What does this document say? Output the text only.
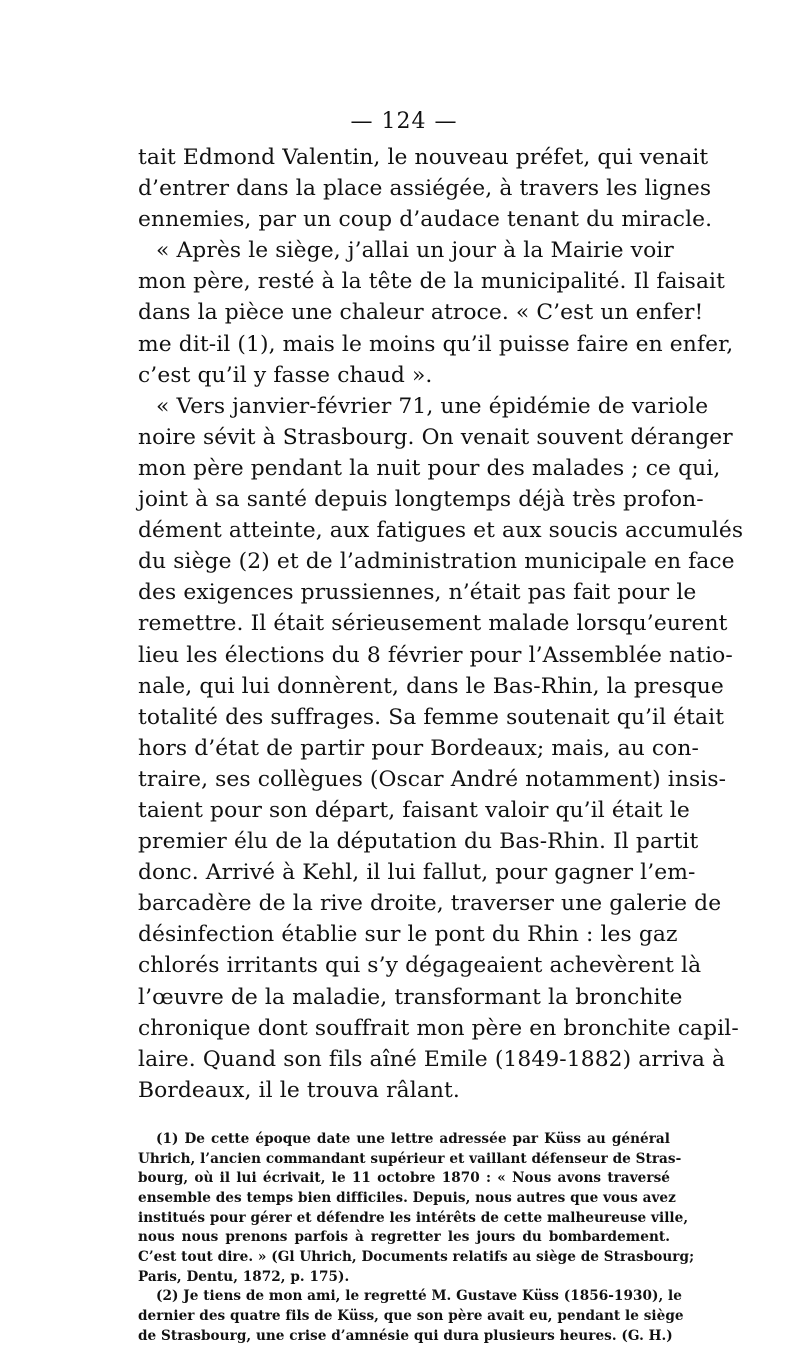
— 124 —
tait Edmond Valentin, le nouveau préfet, qui venait
d’entrer dans la place assiégée, à travers les lignes
ennemies, par un coup d’audace tenant du miracle.
« Après le siège, j’allai un jour à la Mairie voir
mon père, resté à la tête de la municipalité. Il faisait
dans la pièce une chaleur atroce. « C’est un enfer!
me dit-il (1), mais le moins qu’il puisse faire en enfer,
c’est qu’il y fasse chaud ».
« Vers janvier-février 71, une épidémie de variole
noire sévit à Strasbourg. On venait souvent déranger
mon père pendant la nuit pour des malades ; ce qui,
joint à sa santé depuis longtemps déjà très profon-
dément atteinte, aux fatigues et aux soucis accumulés
du siège (2) et de l’administration municipale en face
des exigences prussiennes, n’était pas fait pour le
remettre. Il était sérieusement malade lorsqu’eurent
lieu les élections du 8 février pour l’Assemblée natio-
nale, qui lui donnèrent, dans le Bas-Rhin, la presque
totalité des suffrages. Sa femme soutenait qu’il était
hors d’état de partir pour Bordeaux; mais, au con-
traire, ses collègues (Oscar André notamment) insis-
taient pour son départ, faisant valoir qu’il était le
premier élu de la députation du Bas-Rhin. Il partit
donc. Arrivé à Kehl, il lui fallut, pour gagner l’em-
barcadère de la rive droite, traverser une galerie de
désinfection établie sur le pont du Rhin : les gaz
chlorés irritants qui s’y dégageaient achevèrent là
l’œuvre de la maladie, transformant la bronchite
chronique dont souffrait mon père en bronchite capil-
laire. Quand son fils aîné Emile (1849-1882) arriva à
Bordeaux, il le trouva râlant.
(1) De cette époque date une lettre adressée par Küss au général
Uhrich, l’ancien commandant supérieur et vaillant défenseur de Stras-
bourg, où il lui écrivait, le 11 octobre 1870 : « Nous avons traversé
ensemble des temps bien difficiles. Depuis, nous autres que vous avez
institués pour gérer et défendre les intérêts de cette malheureuse ville,
nous nous prenons parfois à regretter les jours du bombardement.
C’est tout dire. » (Gl Uhrich, Documents relatifs au siège de Strasbourg;
Paris, Dentu, 1872, p. 175).
(2) Je tiens de mon ami, le regretté M. Gustave Küss (1856-1930), le
dernier des quatre fils de Küss, que son père avait eu, pendant le siège
de Strasbourg, une crise d’amnésie qui dura plusieurs heures. (G. H.)
